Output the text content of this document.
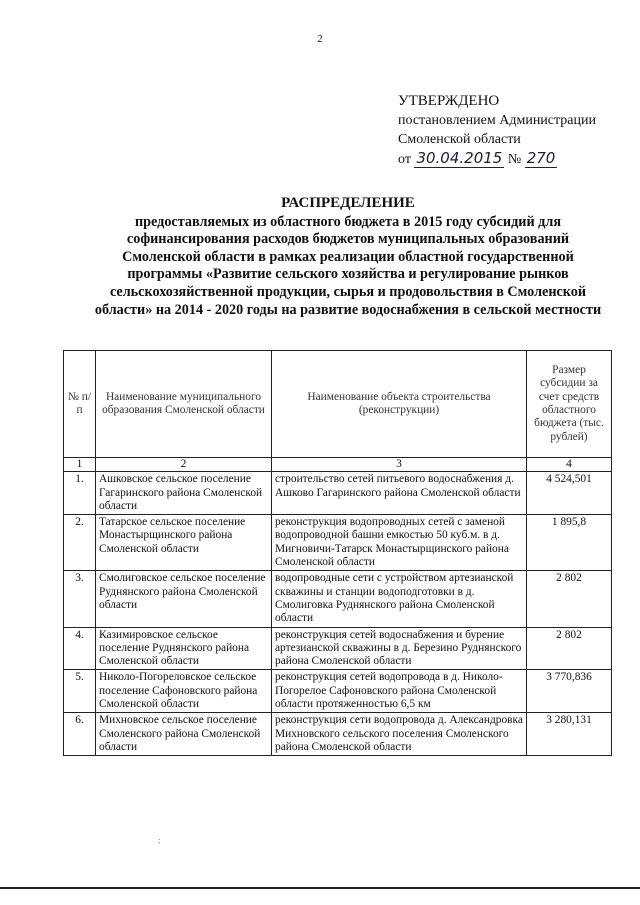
2
УТВЕРЖДЕНО
постановлением Администрации
Смоленской области
от 30.04.2015 № 270
РАСПРЕДЕЛЕНИЕ
предоставляемых из областного бюджета в 2015 году субсидий для
софинансирования расходов бюджетов муниципальных образований
Смоленской области в рамках реализации областной государственной
программы «Развитие сельского хозяйства и регулирование рынков
сельскохозяйственной продукции, сырья и продовольствия в Смоленской
области» на 2014 - 2020 годы на развитие водоснабжения в сельской местности
№ п/п	Наименование муниципального образования Смоленской области	Наименование объекта строительства (реконструкции)	Размер субсидии за счет средств областного бюджета (тыс. рублей)
1	2	3	4
1.	Ашковское сельское поселение Гагаринского района Смоленской области	строительство сетей питьевого водоснабжения д. Ашково Гагаринского района Смоленской области	4 524,501
2.	Татарское сельское поселение Монастырщинского района Смоленской области	реконструкция водопроводных сетей с заменой водопроводной башни емкостью 50 куб.м. в д. Мигновичи-Татарск Монастырщинского района Смоленской области	1 895,8
3.	Смолиговское сельское поселение Руднянского района Смоленской области	водопроводные сети с устройством артезианской скважины и станции водоподготовки в д. Смолиговка Руднянского района Смоленской области	2 802
4.	Казимировское сельское поселение Руднянского района Смоленской области	реконструкция сетей водоснабжения и бурение артезианской скважины в д. Березино Руднянского района Смоленской области	2 802
5.	Николо-Погореловское сельское поселение Сафоновского района Смоленской области	реконструкция сетей водопровода в д. Николо-Погорелое Сафоновского района Смоленской области протяженностью 6,5 км	3 770,836
6.	Михновское сельское поселение Смоленского района Смоленской области	реконструкция сети водопровода д. Александровка Михновского сельского поселения Смоленского района Смоленской области	3 280,131
;
